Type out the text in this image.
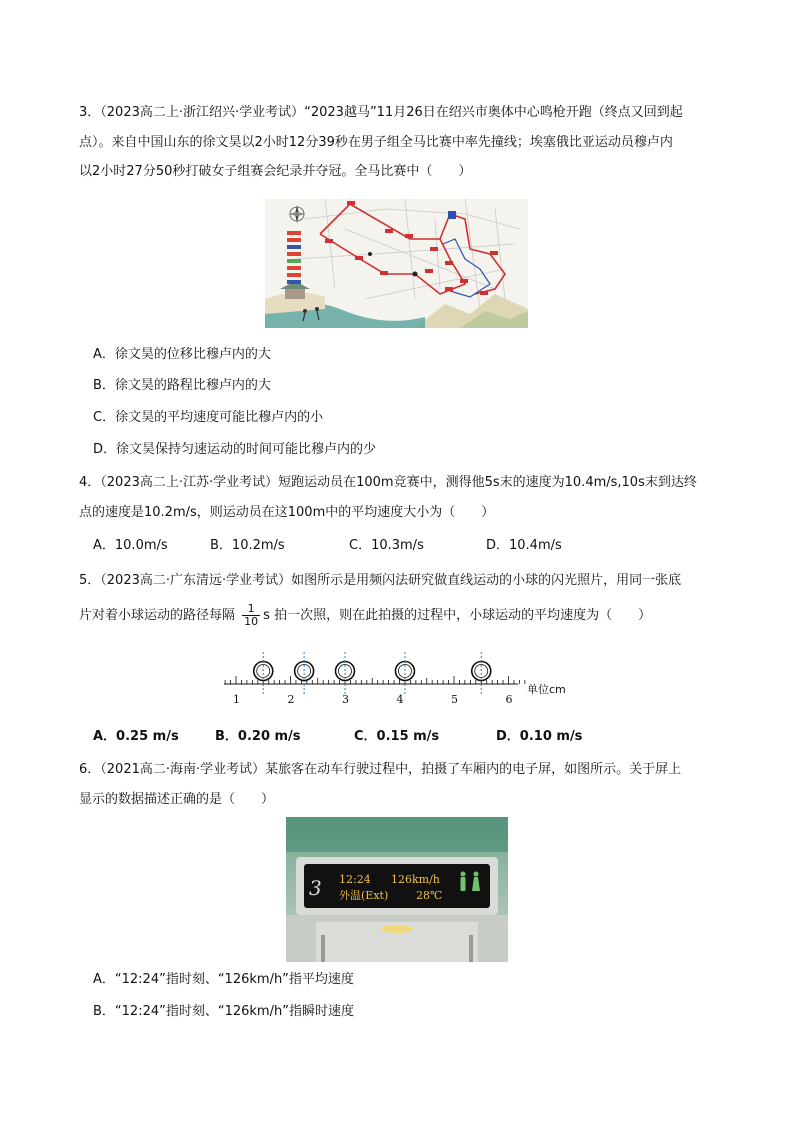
3．（2023高二上·浙江绍兴·学业考试）“2023越马”11月26日在绍兴市奥体中心鸣枪开跑（终点又回到起
点）。来自中国山东的徐文昊以2小时12分39秒在男子组全马比赛中率先撞线；埃塞俄比亚运动员穆卢内
以2小时27分50秒打破女子组赛会纪录并夺冠。全马比赛中（　　）
A．徐文昊的位移比穆卢内的大
B．徐文昊的路程比穆卢内的大
C．徐文昊的平均速度可能比穆卢内的小
D．徐文昊保持匀速运动的时间可能比穆卢内的少
4．（2023高二上·江苏·学业考试）短跑运动员在100m竞赛中，测得他5s末的速度为10.4m/s,10s末到达终
点的速度是10.2m/s，则运动员在这100m中的平均速度大小为（　　）
A．10.0m/s	B．10.2m/s	C．10.3m/s	D．10.4m/s
5．（2023高二·广东清远·学业考试）如图所示是用频闪法研究做直线运动的小球的闪光照片，用同一张底
片对着小球运动的路径每隔 $\frac{1}{10}$ s 拍一次照，则在此拍摄的过程中，小球运动的平均速度为（　　）
1	2	3	4	5	6
单位cm
A．0.25 m/s	B．0.20 m/s	C．0.15 m/s	D．0.10 m/s
6．（2021高二·海南·学业考试）某旅客在动车行驶过程中，拍摄了车厢内的电子屏，如图所示。关于屏上
显示的数据描述正确的是（　　）
3 12:24 126km/h
外温(Ext)	28℃
A．“12:24”指时刻、“126km/h”指平均速度
B．“12:24”指时刻、“126km/h”指瞬时速度
